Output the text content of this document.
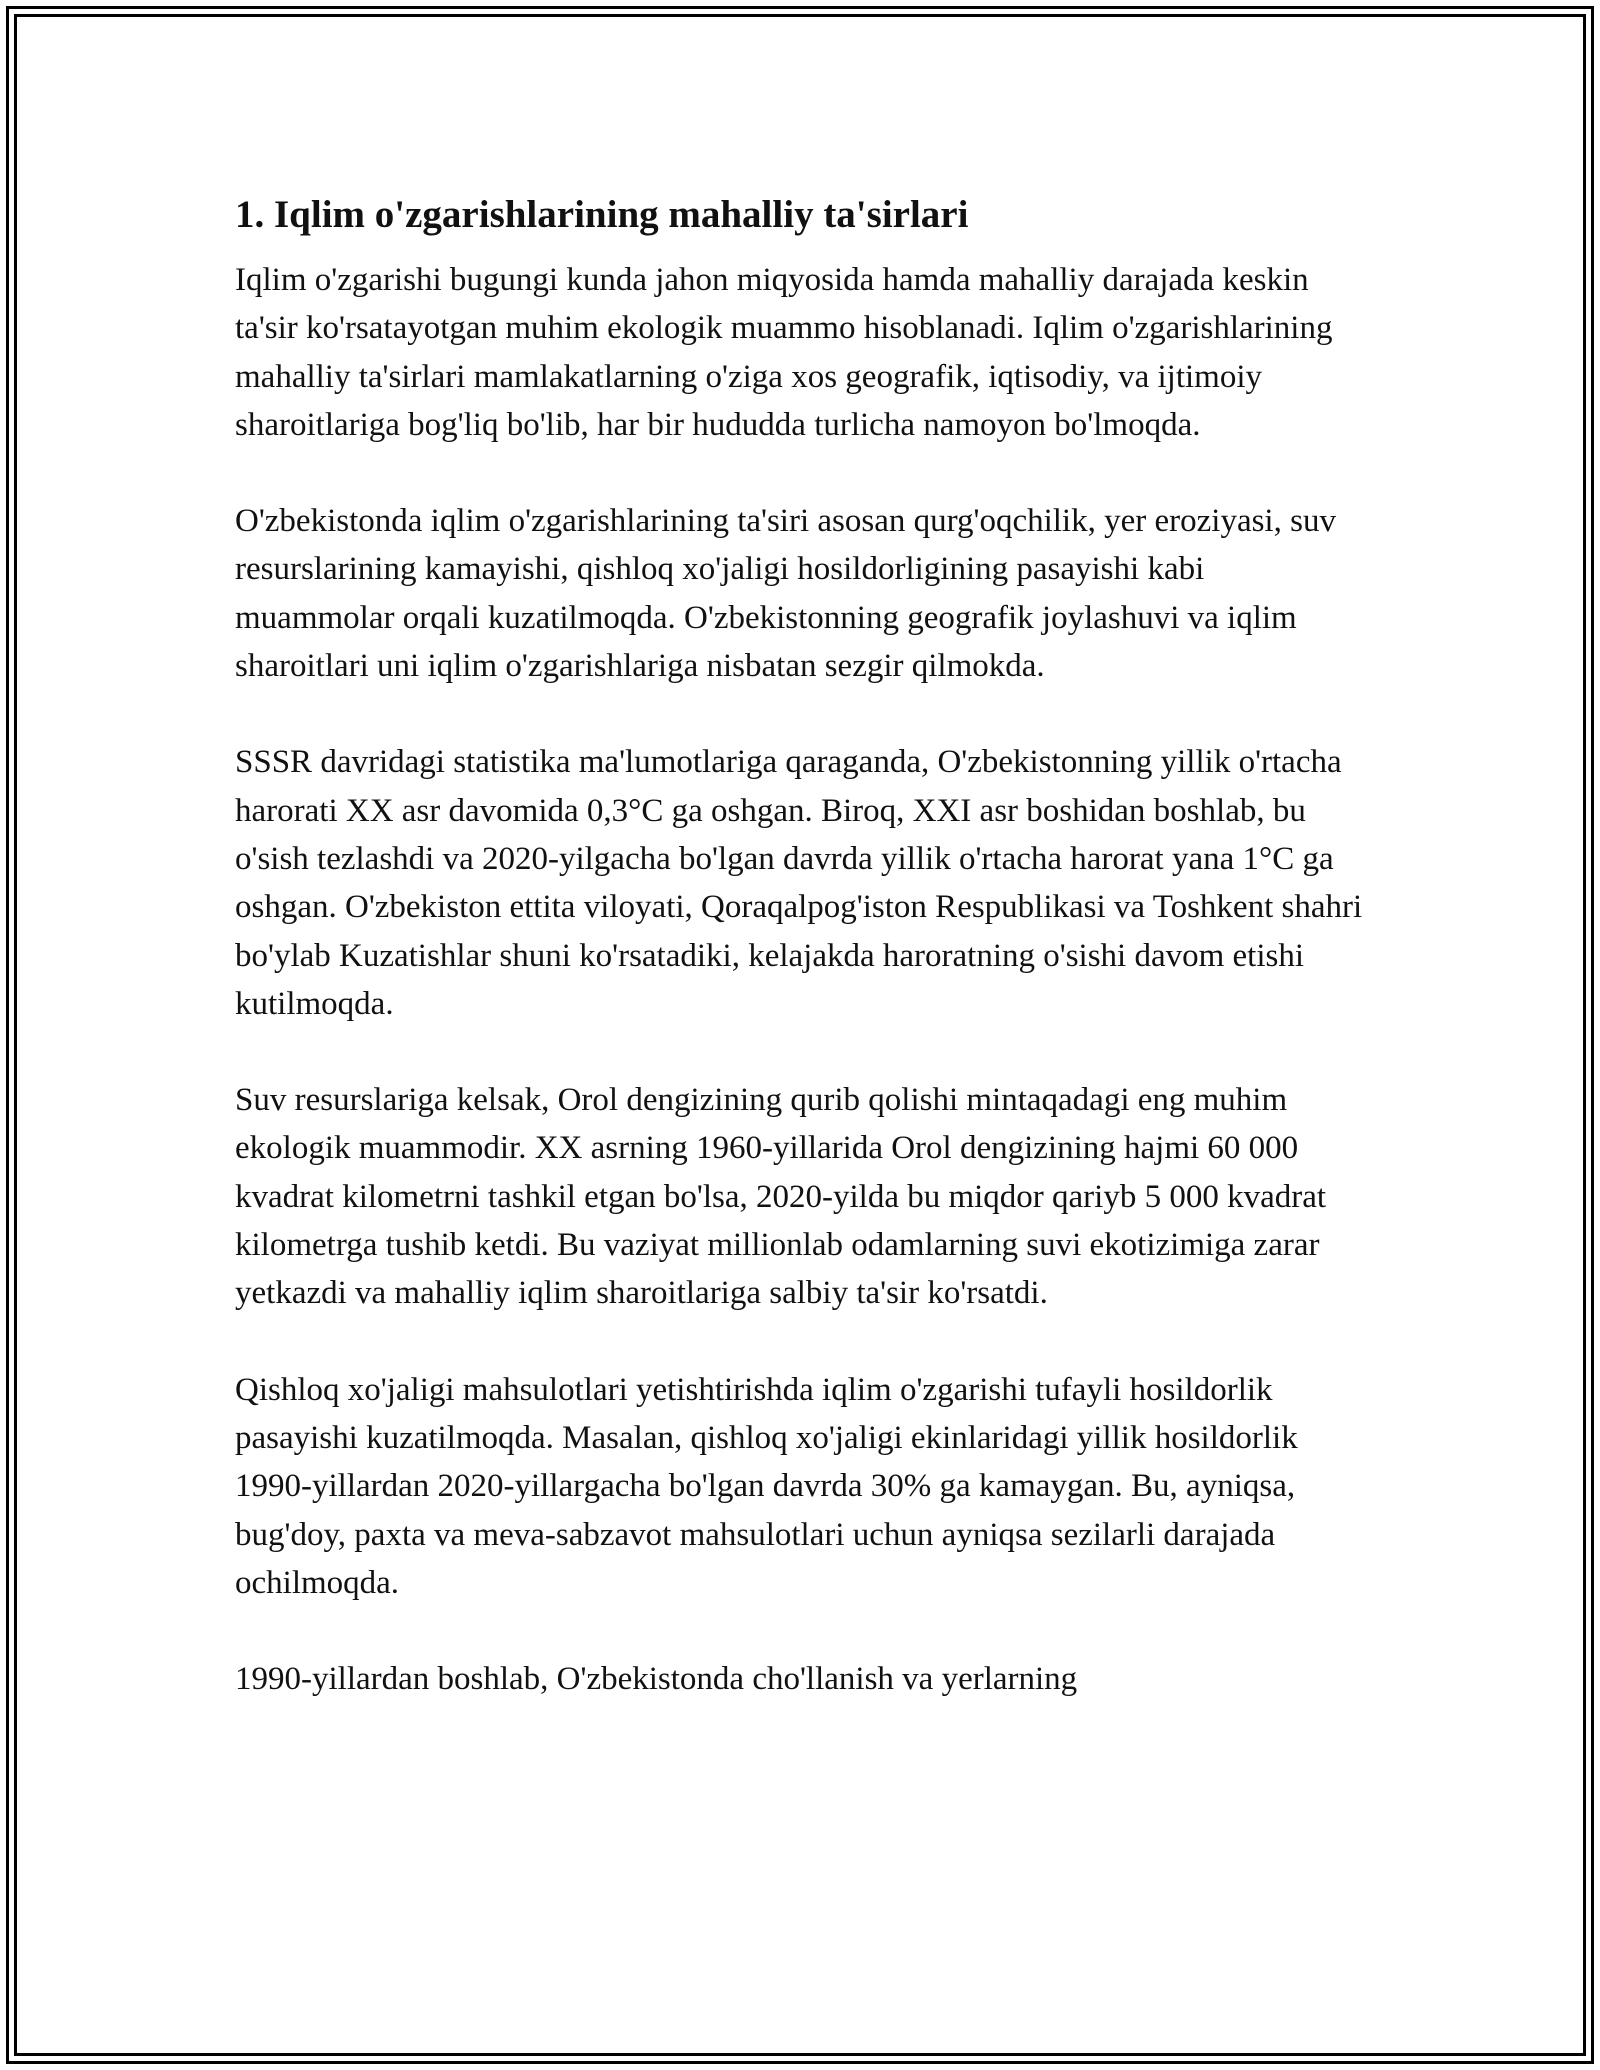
1. Iqlim o'zgarishlarining mahalliy ta'sirlari

Iqlim o'zgarishi bugungi kunda jahon miqyosida hamda mahalliy darajada keskin ta'sir ko'rsatayotgan muhim ekologik muammo hisoblanadi. Iqlim o'zgarishlarining mahalliy ta'sirlari mamlakatlarning o'ziga xos geografik, iqtisodiy, va ijtimoiy sharoitlariga bog'liq bo'lib, har bir hududda turlicha namoyon bo'lmoqda.

O'zbekistonda iqlim o'zgarishlarining ta'siri asosan qurg'oqchilik, yer eroziyasi, suv resurslarining kamayishi, qishloq xo'jaligi hosildorligining pasayishi kabi muammolar orqali kuzatilmoqda. O'zbekistonning geografik joylashuvi va iqlim sharoitlari uni iqlim o'zgarishlariga nisbatan sezgir qilmokda.

SSSR davridagi statistika ma'lumotlariga qaraganda, O'zbekistonning yillik o'rtacha harorati XX asr davomida 0,3°C ga oshgan. Biroq, XXI asr boshidan boshlab, bu o'sish tezlashdi va 2020-yilgacha bo'lgan davrda yillik o'rtacha harorat yana 1°C ga oshgan. O'zbekiston ettita viloyati, Qoraqalpog'iston Respublikasi va Toshkent shahri bo'ylab Kuzatishlar shuni ko'rsatadiki, kelajakda haroratning o'sishi davom etishi kutilmoqda.

Suv resurslariga kelsak, Orol dengizining qurib qolishi mintaqadagi eng muhim ekologik muammodir. XX asrning 1960-yillarida Orol dengizining hajmi 60 000 kvadrat kilometrni tashkil etgan bo'lsa, 2020-yilda bu miqdor qariyb 5 000 kvadrat kilometrga tushib ketdi. Bu vaziyat millionlab odamlarning suvi ekotizimiga zarar yetkazdi va mahalliy iqlim sharoitlariga salbiy ta'sir ko'rsatdi.

Qishloq xo'jaligi mahsulotlari yetishtirishda iqlim o'zgarishi tufayli hosildorlik pasayishi kuzatilmoqda. Masalan, qishloq xo'jaligi ekinlaridagi yillik hosildorlik 1990-yillardan 2020-yillargacha bo'lgan davrda 30% ga kamaygan. Bu, ayniqsa, bug'doy, paxta va meva-sabzavot mahsulotlari uchun ayniqsa sezilarli darajada ochilmoqda.

1990-yillardan boshlab, O'zbekistonda cho'llanish va yerlarning
